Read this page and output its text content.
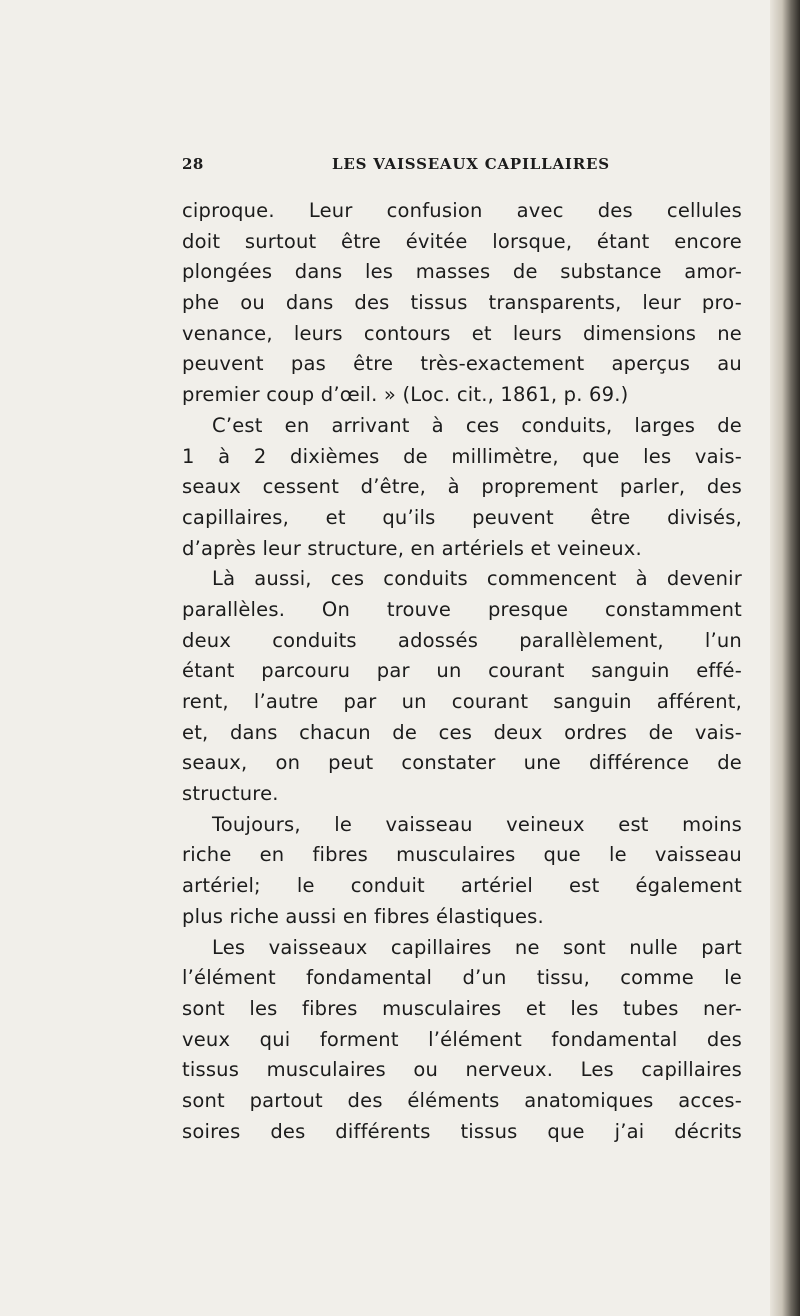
28	LES VAISSEAUX CAPILLAIRES
ciproque. Leur confusion avec des cellules
doit surtout être évitée lorsque, étant encore
plongées dans les masses de substance amor-
phe ou dans des tissus transparents, leur pro-
venance, leurs contours et leurs dimensions ne
peuvent pas être très-exactement aperçus au
premier coup d’œil. » (Loc. cit., 1861, p. 69.)
C’est en arrivant à ces conduits, larges de
1 à 2 dixièmes de millimètre, que les vais-
seaux cessent d’être, à proprement parler, des
capillaires, et qu’ils peuvent être divisés,
d’après leur structure, en artériels et veineux.
Là aussi, ces conduits commencent à devenir
parallèles. On trouve presque constamment
deux conduits adossés parallèlement, l’un
étant parcouru par un courant sanguin effé-
rent, l’autre par un courant sanguin afférent,
et, dans chacun de ces deux ordres de vais-
seaux, on peut constater une différence de
structure.
Toujours, le vaisseau veineux est moins
riche en fibres musculaires que le vaisseau
artériel; le conduit artériel est également
plus riche aussi en fibres élastiques.
Les vaisseaux capillaires ne sont nulle part
l’élément fondamental d’un tissu, comme le
sont les fibres musculaires et les tubes ner-
veux qui forment l’élément fondamental des
tissus musculaires ou nerveux. Les capillaires
sont partout des éléments anatomiques acces-
soires des différents tissus que j’ai décrits
